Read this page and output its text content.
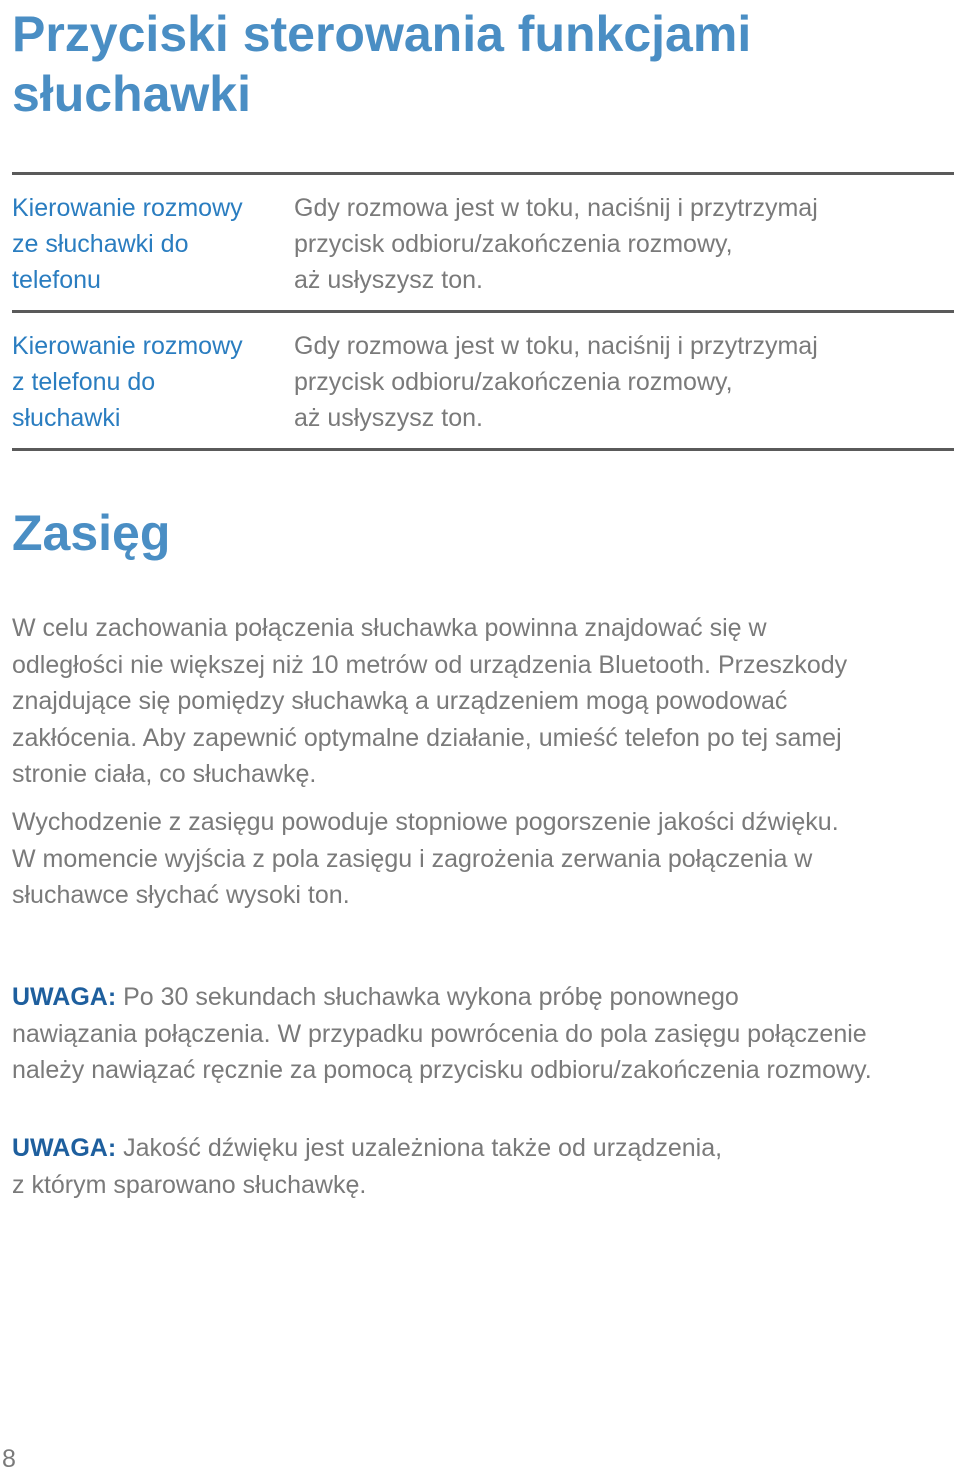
Przyciski sterowania funkcjami
słuchawki
Kierowanie rozmowy
ze słuchawki do
telefonu
Gdy rozmowa jest w toku, naciśnij i przytrzymaj
przycisk odbioru/zakończenia rozmowy,
aż usłyszysz ton.
Kierowanie rozmowy
z telefonu do
słuchawki
Gdy rozmowa jest w toku, naciśnij i przytrzymaj
przycisk odbioru/zakończenia rozmowy,
aż usłyszysz ton.
Zasięg

W celu zachowania połączenia słuchawka powinna znajdować się w
odległości nie większej niż 10 metrów od urządzenia Bluetooth. Przeszkody
znajdujące się pomiędzy słuchawką a urządzeniem mogą powodować
zakłócenia. Aby zapewnić optymalne działanie, umieść telefon po tej samej
stronie ciała, co słuchawkę.

Wychodzenie z zasięgu powoduje stopniowe pogorszenie jakości dźwięku.
W momencie wyjścia z pola zasięgu i zagrożenia zerwania połączenia w
słuchawce słychać wysoki ton.

UWAGA: Po 30 sekundach słuchawka wykona próbę ponownego
nawiązania połączenia. W przypadku powrócenia do pola zasięgu połączenie
należy nawiązać ręcznie za pomocą przycisku odbioru/zakończenia rozmowy.

UWAGA: Jakość dźwięku jest uzależniona także od urządzenia,
z którym sparowano słuchawkę.

8
